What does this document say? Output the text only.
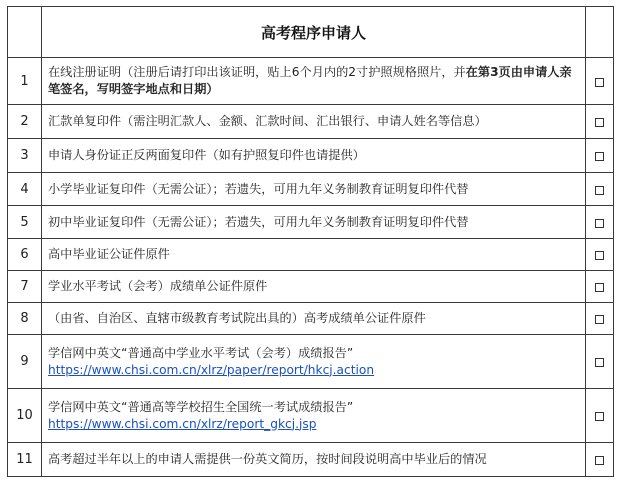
	高考程序申请人	
1	在线注册证明（注册后请打印出该证明，贴上6个月内的2寸护照规格照片，并在第3页由申请人亲笔签名，写明签字地点和日期）	
2	汇款单复印件（需注明汇款人、金额、汇款时间、汇出银行、申请人姓名等信息）	
3	申请人身份证正反两面复印件（如有护照复印件也请提供）	
4	小学毕业证复印件（无需公证）；若遗失，可用九年义务制教育证明复印件代替	
5	初中毕业证复印件（无需公证）；若遗失，可用九年义务制教育证明复印件代替	
6	高中毕业证公证件原件	
7	学业水平考试（会考）成绩单公证件原件	
8	（由省、自治区、直辖市级教育考试院出具的）高考成绩单公证件原件	
9	学信网中英文“普通高中学业水平考试（会考）成绩报告”
https://www.chsi.com.cn/xlrz/paper/report/hkcj.action	
10	学信网中英文“普通高等学校招生全国统一考试成绩报告”
https://www.chsi.com.cn/xlrz/report_gkcj.jsp	
11	高考超过半年以上的申请人需提供一份英文简历，按时间段说明高中毕业后的情况	
